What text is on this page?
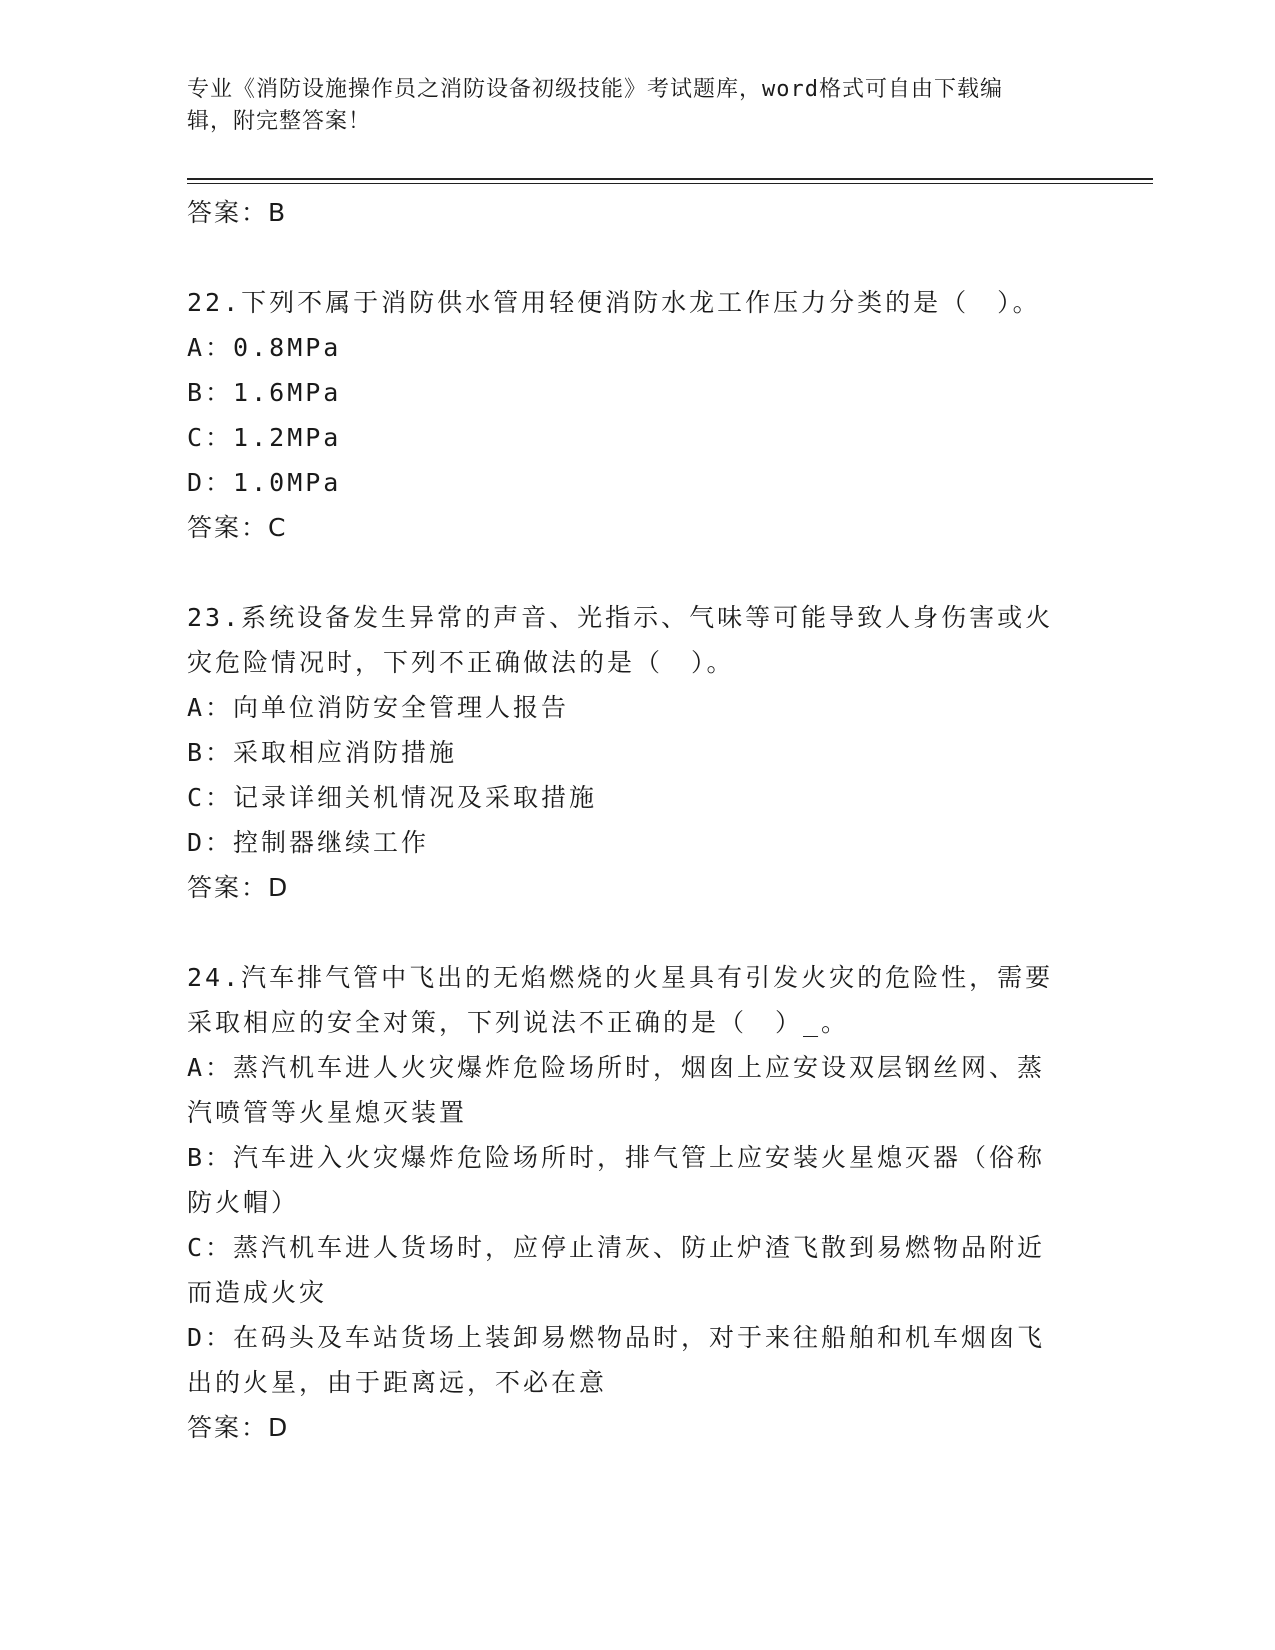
专业《消防设施操作员之消防设备初级技能》考试题库，word格式可自由下载编
辑，附完整答案！
答案：B
22.下列不属于消防供水管用轻便消防水龙工作压力分类的是（　）。
A：0.8MPa
B：1.6MPa
C：1.2MPa
D：1.0MPa
答案：C
23.系统设备发生异常的声音、光指示、气味等可能导致人身伤害或火
灾危险情况时，下列不正确做法的是（　）。
A：向单位消防安全管理人报告
B：采取相应消防措施
C：记录详细关机情况及采取措施
D：控制器继续工作
答案：D
24.汽车排气管中飞出的无焰燃烧的火星具有引发火灾的危险性，需要
采取相应的安全对策，下列说法不正确的是（　）_。
A：蒸汽机车进人火灾爆炸危险场所时，烟囱上应安设双层钢丝网、蒸
汽喷管等火星熄灭装置
B：汽车进入火灾爆炸危险场所时，排气管上应安装火星熄灭器（俗称
防火帽）
C：蒸汽机车进人货场时，应停止清灰、防止炉渣飞散到易燃物品附近
而造成火灾
D：在码头及车站货场上装卸易燃物品时，对于来往船舶和机车烟囱飞
出的火星，由于距离远，不必在意
答案：D
